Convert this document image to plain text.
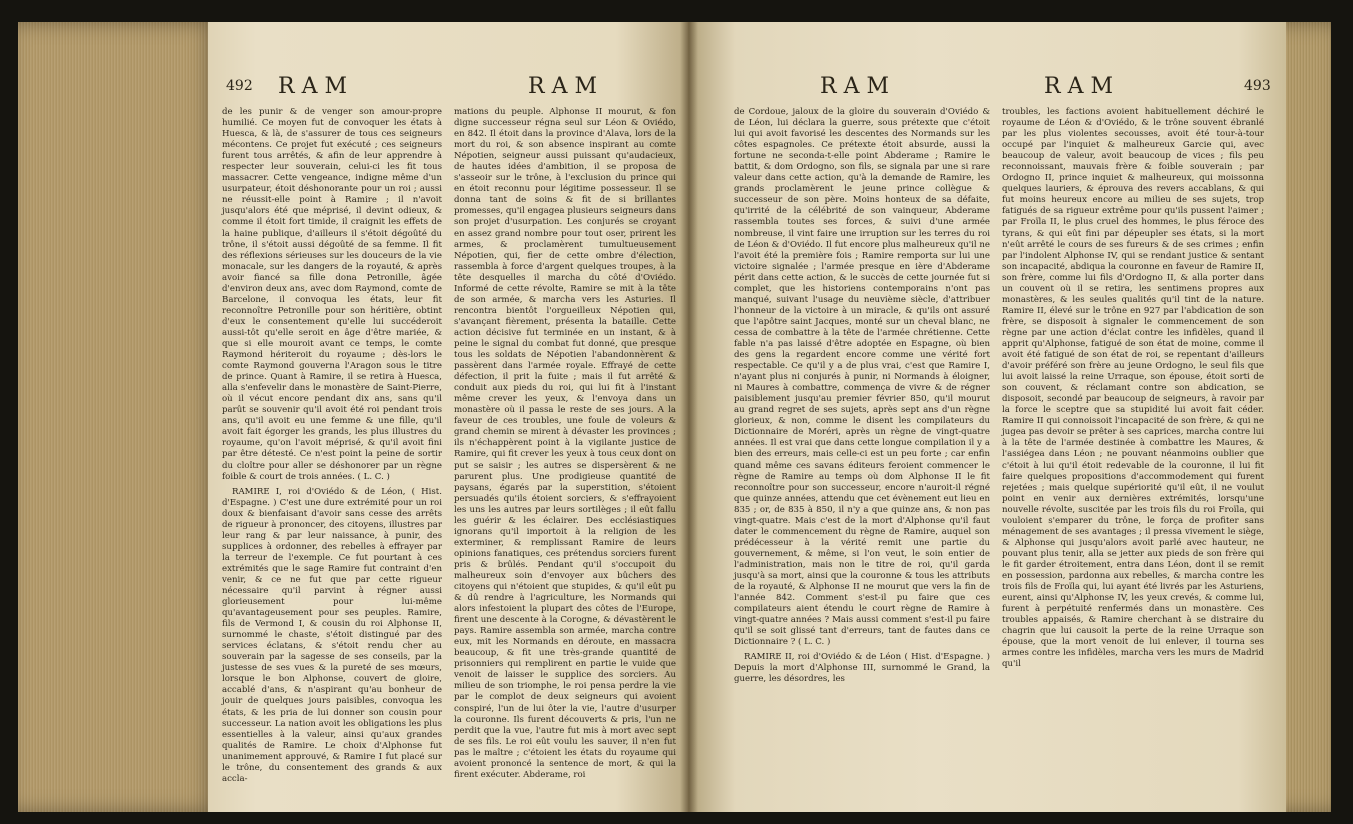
492 RAM	RAM

de les punir & de venger son amour-propre humilié. Ce moyen fut de convoquer les états à Huesca, & là, de s'assurer de tous ces seigneurs mécontens. Ce projet fut exécuté ; ces seigneurs furent tous arrêtés, & afin de leur apprendre à respecter leur souverain, celui-ci les fit tous massacrer. Cette vengeance, indigne même d'un usurpateur, étoit déshonorante pour un roi ; aussi ne réussit-elle point à Ramire ; il n'avoit jusqu'alors été que méprisé, il devint odieux, & comme il étoit fort timide, il craignit les effets de la haine publique, d'ailleurs il s'étoit dégoûté du trône, il s'étoit aussi dégoûté de sa femme. Il fit des réflexions sérieuses sur les douceurs de la vie monacale, sur les dangers de la royauté, & après avoir fiancé sa fille dona Petronille, âgée d'environ deux ans, avec dom Raymond, comte de Barcelone, il convoqua les états, leur fit reconnoître Petronille pour son héritière, obtint d'eux le consentement qu'elle lui succéderoit aussi-tôt qu'elle seroit en âge d'être mariée, & que si elle mouroit avant ce temps, le comte Raymond hériteroit du royaume ; dès-lors le comte Raymond gouverna l'Aragon sous le titre de prince. Quant à Ramire, il se retira à Huesca, alla s'enfevelir dans le monastère de Saint-Pierre, où il vécut encore pendant dix ans, sans qu'il parût se souvenir qu'il avoit été roi pendant trois ans, qu'il avoit eu une femme & une fille, qu'il avoit fait égorger les grands, les plus illustres du royaume, qu'on l'avoit méprisé, & qu'il avoit fini par être détesté. Ce n'est point la peine de sortir du cloître pour aller se déshonorer par un règne foible & court de trois années. ( L. C. )

RAMIRE I, roi d'Oviédo & de Léon, ( Hist. d'Espagne. ) C'est une dure extrémité pour un roi doux & bienfaisant d'avoir sans cesse des arrêts de rigueur à prononcer, des citoyens, illustres par leur rang & par leur naissance, à punir, des supplices à ordonner, des rebelles à effrayer par la terreur de l'exemple. Ce fut pourtant à ces extrémités que le sage Ramire fut contraint d'en venir, & ce ne fut que par cette rigueur nécessaire qu'il parvint à régner aussi glorieusement pour lui-même qu'avantageusement pour ses peuples. Ramire, fils de Vermond I, & cousin du roi Alphonse II, surnommé le chaste, s'étoit distingué par des services éclatans, & s'étoit rendu cher au souverain par la sagesse de ses conseils, par la justesse de ses vues & la pureté de ses mœurs, lorsque le bon Alphonse, couvert de gloire, accablé d'ans, & n'aspirant qu'au bonheur de jouir de quelques jours paisibles, convoqua les états, & les pria de lui donner son cousin pour successeur. La nation avoit les obligations les plus essentielles à la valeur, ainsi qu'aux grandes qualités de Ramire. Le choix d'Alphonse fut unanimement approuvé, & Ramire I fut placé sur le trône, du consentement des grands & aux accla-

mations du peuple. Alphonse II mourut, & fon digne successeur régna seul sur Léon & Oviédo, en 842. Il étoit dans la province d'Alava, lors de la mort du roi, & son absence inspirant au comte Népotien, seigneur aussi puissant qu'audacieux, de hautes idées d'ambition, il se proposa de s'asseoir sur le trône, à l'exclusion du prince qui en étoit reconnu pour légitime possesseur. Il se donna tant de soins & fit de si brillantes promesses, qu'il engagea plusieurs seigneurs dans son projet d'usurpation. Les conjurés se croyant en assez grand nombre pour tout oser, prirent les armes, & proclamèrent tumultueusement Népotien, qui, fier de cette ombre d'élection, rassembla à force d'argent quelques troupes, à la tête desquelles il marcha du côté d'Oviédo. Informé de cette révolte, Ramire se mit à la tête de son armée, & marcha vers les Asturies. Il rencontra bientôt l'orgueilleux Népotien qui, s'avançant fièrement, présenta la bataille. Cette action décisive fut terminée en un instant, & à peine le signal du combat fut donné, que presque tous les soldats de Népotien l'abandonnèrent & passèrent dans l'armée royale. Effrayé de cette défection, il prit la fuite ; mais il fut arrêté & conduit aux pieds du roi, qui lui fit à l'instant même crever les yeux, & l'envoya dans un monastère où il passa le reste de ses jours. A la faveur de ces troubles, une foule de voleurs & grand chemin se mirent à dévaster les provinces ; ils n'échappèrent point à la vigilante justice de Ramire, qui fit crever les yeux à tous ceux dont on put se saisir ; les autres se dispersèrent & ne parurent plus. Une prodigieuse quantité de paysans, égarés par la superstition, s'étoient persuadés qu'ils étoient sorciers, & s'effrayoient les uns les autres par leurs sortilèges ; il eût fallu les guérir & les éclairer. Des ecclésiastiques ignorans qu'il importoit à la religion de les exterminer, & remplissant Ramire de leurs opinions fanatiques, ces prétendus sorciers furent pris & brûlés. Pendant qu'il s'occupoit du malheureux soin d'envoyer aux bûchers des citoyens qui n'étoient que stupides, & qu'il eût pu & dû rendre à l'agriculture, les Normands qui alors infestoient la plupart des côtes de l'Europe, firent une descente à la Corogne, & dévastèrent le pays. Ramire assembla son armée, marcha contre eux, mit les Normands en déroute, en massacra beaucoup, & fit une très-grande quantité de prisonniers qui remplirent en partie le vuide que venoit de laisser le supplice des sorciers. Au milieu de son triomphe, le roi pensa perdre la vie par le complot de deux seigneurs qui avoient conspiré, l'un de lui ôter la vie, l'autre d'usurper la couronne. Ils furent découverts & pris, l'un ne perdit que la vue, l'autre fut mis à mort avec sept de ses fils. Le roi eût voulu les sauver, il n'en fut pas le maître ; c'étoient les états du royaume qui avoient prononcé la sentence de mort, & qui la firent exécuter. Abderame, roi

RAM	RAM	493

de Cordoue, jaloux de la gloire du souverain d'Oviédo & de Léon, lui déclara la guerre, sous prétexte que c'étoit lui qui avoit favorisé les descentes des Normands sur les côtes espagnoles. Ce prétexte étoit absurde, aussi la fortune ne seconda-t-elle point Abderame ; Ramire le battit, & dom Ordogno, son fils, se signala par une si rare valeur dans cette action, qu'à la demande de Ramire, les grands proclamèrent le jeune prince collègue & successeur de son père. Moins honteux de sa défaite, qu'irrité de la célébrité de son vainqueur, Abderame rassembla toutes ses forces, & suivi d'une armée nombreuse, il vint faire une irruption sur les terres du roi de Léon & d'Oviédo. Il fut encore plus malheureux qu'il ne l'avoit été la première fois ; Ramire remporta sur lui une victoire signalée ; l'armée presque en ière d'Abderame périt dans cette action, & le succès de cette journée fut si complet, que les historiens contemporains n'ont pas manqué, suivant l'usage du neuvième siècle, d'attribuer l'honneur de la victoire à un miracle, & qu'ils ont assuré que l'apôtre saint Jacques, monté sur un cheval blanc, ne cessa de combattre à la tête de l'armée chrétienne. Cette fable n'a pas laissé d'être adoptée en Espagne, où bien des gens la regardent encore comme une vérité fort respectable. Ce qu'il y a de plus vrai, c'est que Ramire I, n'ayant plus ni conjurés à punir, ni Normands à éloigner, ni Maures à combattre, commença de vivre & de régner paisiblement jusqu'au premier février 850, qu'il mourut au grand regret de ses sujets, après sept ans d'un règne glorieux, & non, comme le disent les compilateurs du Dictionnaire de Moréri, après un règne de vingt-quatre années. Il est vrai que dans cette longue compilation il y a bien des erreurs, mais celle-ci est un peu forte ; car enfin quand même ces savans éditeurs feroient commencer le règne de Ramire au temps où dom Alphonse II le fit reconnoître pour son successeur, encore n'auroit-il régné que quinze années, attendu que cet évènement eut lieu en 835 ; or, de 835 à 850, il n'y a que quinze ans, & non pas vingt-quatre. Mais c'est de la mort d'Alphonse qu'il faut dater le commencement du règne de Ramire, auquel son prédécesseur à la vérité remit une partie du gouvernement, & même, si l'on veut, le soin entier de l'administration, mais non le titre de roi, qu'il garda jusqu'à sa mort, ainsi que la couronne & tous les attributs de la royauté, & Alphonse II ne mourut que vers la fin de l'année 842. Comment s'est-il pu faire que ces compilateurs aient étendu le court règne de Ramire à vingt-quatre années ? Mais aussi comment s'est-il pu faire qu'il se soit glissé tant d'erreurs, tant de fautes dans ce Dictionnaire ? ( L. C. )

RAMIRE II, roi d'Oviédo & de Léon ( Hist. d'Espagne. ) Depuis la mort d'Alphonse III, surnommé le Grand, la guerre, les désordres, les

troubles, les factions avoient habituellement déchiré le royaume de Léon & d'Oviédo, & le trône souvent ébranlé par les plus violentes secousses, avoit été tour-à-tour occupé par l'inquiet & malheureux Garcie qui, avec beaucoup de valeur, avoit beaucoup de vices ; fils peu reconnoissant, mauvais frère & foible souverain ; par Ordogno II, prince inquiet & malheureux, qui moissonna quelques lauriers, & éprouva des revers accablans, & qui fut moins heureux encore au milieu de ses sujets, trop fatigués de sa rigueur extrême pour qu'ils pussent l'aimer ; par Froïla II, le plus cruel des hommes, le plus féroce des tyrans, & qui eût fini par dépeupler ses états, si la mort n'eût arrêté le cours de ses fureurs & de ses crimes ; enfin par l'indolent Alphonse IV, qui se rendant justice & sentant son incapacité, abdiqua la couronne en faveur de Ramire II, son frère, comme lui fils d'Ordogno II, & alla porter dans un couvent où il se retira, les sentimens propres aux monastères, & les seules qualités qu'il tint de la nature. Ramire II, élevé sur le trône en 927 par l'abdication de son frère, se disposoit à signaler le commencement de son règne par une action d'éclat contre les infidèles, quand il apprit qu'Alphonse, fatigué de son état de moine, comme il avoit été fatigué de son état de roi, se repentant d'ailleurs d'avoir préféré son frère au jeune Ordogno, le seul fils que lui avoit laissé la reine Urraque, son épouse, étoit sorti de son couvent, & réclamant contre son abdication, se disposoit, secondé par beaucoup de seigneurs, à ravoir par la force le sceptre que sa stupidité lui avoit fait céder. Ramire II qui connoissoit l'incapacité de son frère, & qui ne jugea pas devoir se prêter à ses caprices, marcha contre lui à la tête de l'armée destinée à combattre les Maures, & l'assiégea dans Léon ; ne pouvant néanmoins oublier que c'étoit à lui qu'il étoit redevable de la couronne, il lui fit faire quelques propositions d'accommodement qui furent rejetées ; mais quelque supériorité qu'il eût, il ne voulut point en venir aux dernières extrémités, lorsqu'une nouvelle révolte, suscitée par les trois fils du roi Froïla, qui vouloient s'emparer du trône, le força de profiter sans ménagement de ses avantages ; il pressa vivement le siège, & Alphonse qui jusqu'alors avoit parlé avec hauteur, ne pouvant plus tenir, alla se jetter aux pieds de son frère qui le fit garder étroitement, entra dans Léon, dont il se remit en possession, pardonna aux rebelles, & marcha contre les trois fils de Froïla qui, lui ayant été livrés par les Asturiens, eurent, ainsi qu'Alphonse IV, les yeux crevés, & comme lui, furent à perpétuité renfermés dans un monastère. Ces troubles appaisés, & Ramire cherchant à se distraire du chagrin que lui causoit la perte de la reine Urraque son épouse, que la mort venoit de lui enlever, il tourna ses armes contre les infidèles, marcha vers les murs de Madrid qu'il
